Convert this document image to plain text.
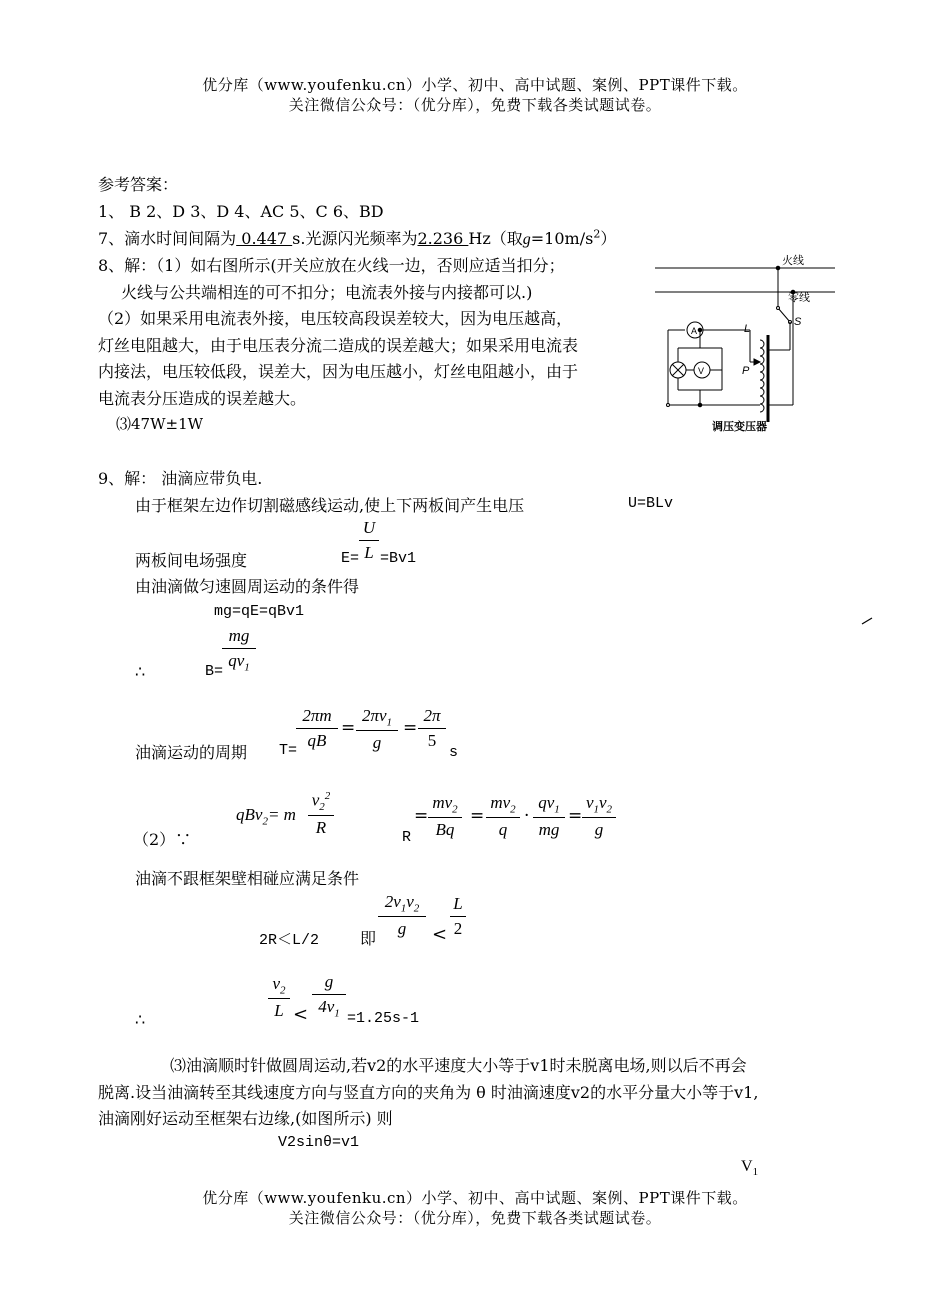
优分库（www.youfenku.cn）小学、初中、高中试题、案例、PPT课件下载。
关注微信公众号：（优分库），免费下载各类试题试卷。
参考答案：
1、 B 2、D 3、D 4、AC 5、C 6、BD
7、滴水时间间隔为 0.447 s.光源闪光频率为2.236 Hz（取$g=10m/s^2$）
8、解：（1）如右图所示(开关应放在火线一边，否则应适当扣分；
火线与公共端相连的可不扣分；电流表外接与内接都可以.)
（2）如果采用电流表外接，电压较高段误差较大，因为电压越高，
灯丝电阻越大，由于电压表分流二造成的误差越大；如果采用电流表
内接法，电压较低段，误差大，因为电压越小，灯丝电阻越小，由于
电流表分压造成的误差越大。
⑶47W±1W
火线
零线
S
L
P
A
V
调压变压器
9、解： 油滴应带负电.
由于框架左边作切割磁感线运动,使上下两板间产生电压	U=BLv
两板间电场强度	E=
U
L =Bv1
由油滴做匀速圆周运动的条件得
mg=qE=qBv1
∴	B=
mg
$qv_1$
油滴运动的周期 T=
2πm
qB
=
$2\pi v_1$
g
=
2π
5
s
（2）∵
qBv$_2$= m
$v_2^2$
R
R
=
$mv_2$
Bq
=
$mv_2$
q
·
$qv_1$
mg
=
$v_1v_2$
g
油滴不跟框架壁相碰应满足条件
2R＜L/2	即
$2v_1v_2$
g	<
L
2
∴
$v_2$
L <
g
$4v_1 =1.25s-1$
⑶油滴顺时针做圆周运动,若v2的水平速度大小等于v1时未脱离电场,则以后不再会
脱离.设当油滴转至其线速度方向与竖直方向的夹角为 θ 时油滴速度v2的水平分量大小等于v1,
油滴刚好运动至框架右边缘,(如图所示) 则
V2sinθ=v1
$V_1$
优分库（www.youfenku.cn）小学、初中、高中试题、案例、PPT课件下载。
关注微信公众号：（优分库），免费下载各类试题试卷。
